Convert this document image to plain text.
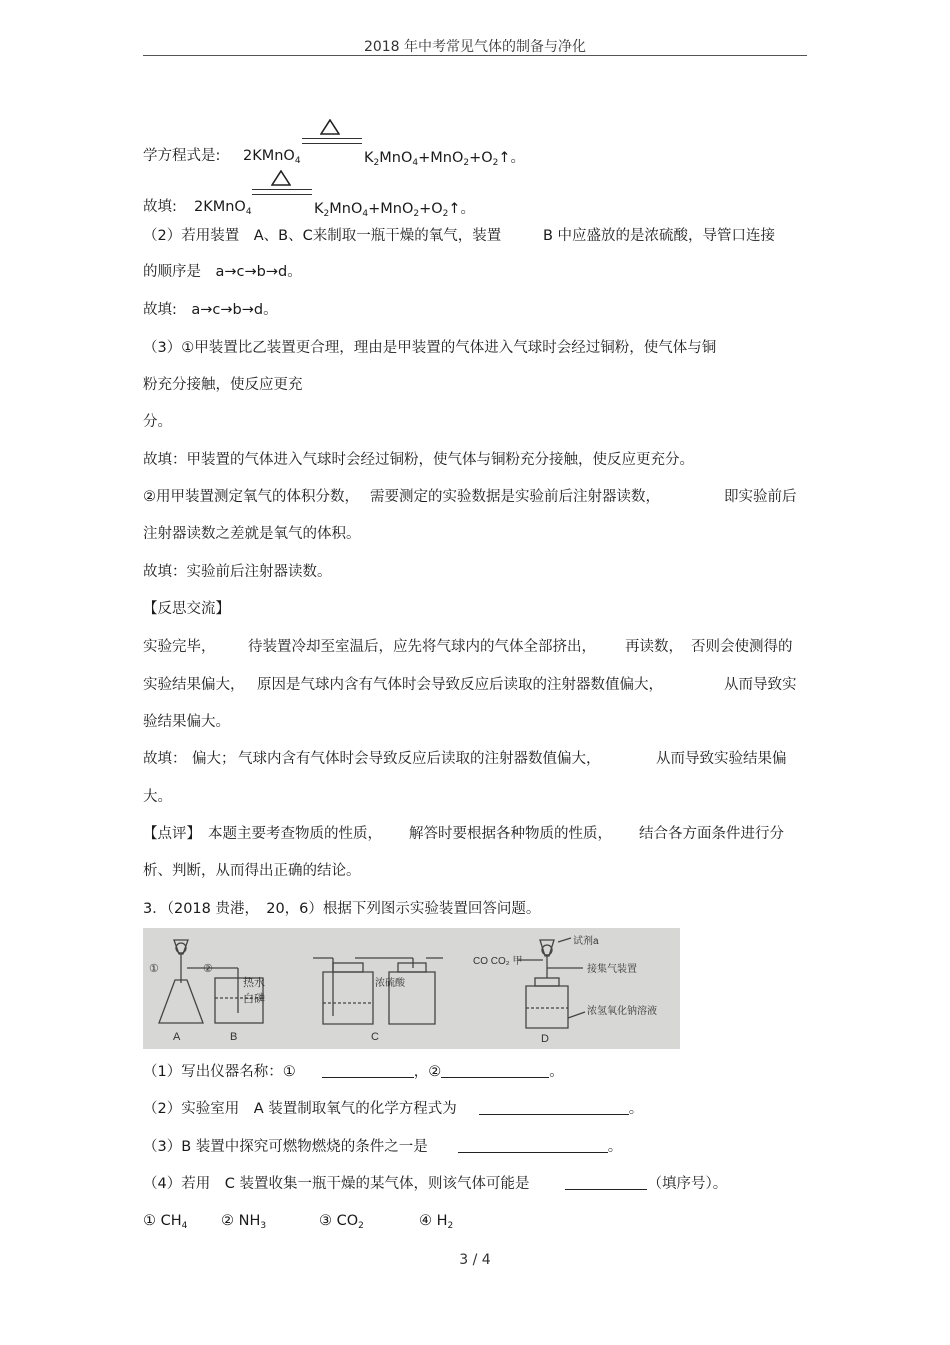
2018 年中考常见气体的制备与净化
学方程式是: 2KMnO$_4$	$K_2MnO_4+MnO_2+O_2↑$。
故填: 2KMnO$_4$	$K_2MnO_4+MnO_2+O_2↑$。
（2）若用装置　A、B、C来制取一瓶干燥的氧气，装置	B 中应盛放的是浓硫酸，导管口连接
的顺序是　a→c→b→d。
故填:　a→c→b→d。
（3）①甲装置比乙装置更合理，理由是甲装置的气体进入气球时会经过铜粉，使气体与铜
粉充分接触，使反应更充
分。
故填：甲装置的气体进入气球时会经过铜粉，使气体与铜粉充分接触，使反应更充分。
②用甲装置测定氧气的体积分数， 需要测定的实验数据是实验前后注射器读数，	即实验前后
注射器读数之差就是氧气的体积。
故填：实验前后注射器读数。
【反思交流】
实验完毕， 待装置冷却至室温后，应先将气球内的气体全部挤出， 再读数， 否则会使测得的
实验结果偏大， 原因是气球内含有气体时会导致反应后读取的注射器数值偏大，	从而导致实
验结果偏大。
故填： 偏大； 气球内含有气体时会导致反应后读取的注射器数值偏大，	从而导致实验结果偏
大。
【点评】 本题主要考查物质的性质， 解答时要根据各种物质的性质， 结合各方面条件进行分
析、判断，从而得出正确的结论。
3．（2018 贵港，　20，6）根据下列图示实验装置回答问题。
A	B	C	D
①	②
热水
白磷
浓硫酸
CO CO₂ 甲
试剂a
接集气装置
浓氢氧化钠溶液
（1）写出仪器名称：①	，②	。
（2）实验室用　A 装置制取氧气的化学方程式为	。
（3）B 装置中探究可燃物燃烧的条件之一是	。
（4）若用　C 装置收集一瓶干燥的某气体，则该气体可能是	（填序号）。
① $CH_4$ ② $NH_3$	③ $CO_2$	④ $H_2$
3 / 4
